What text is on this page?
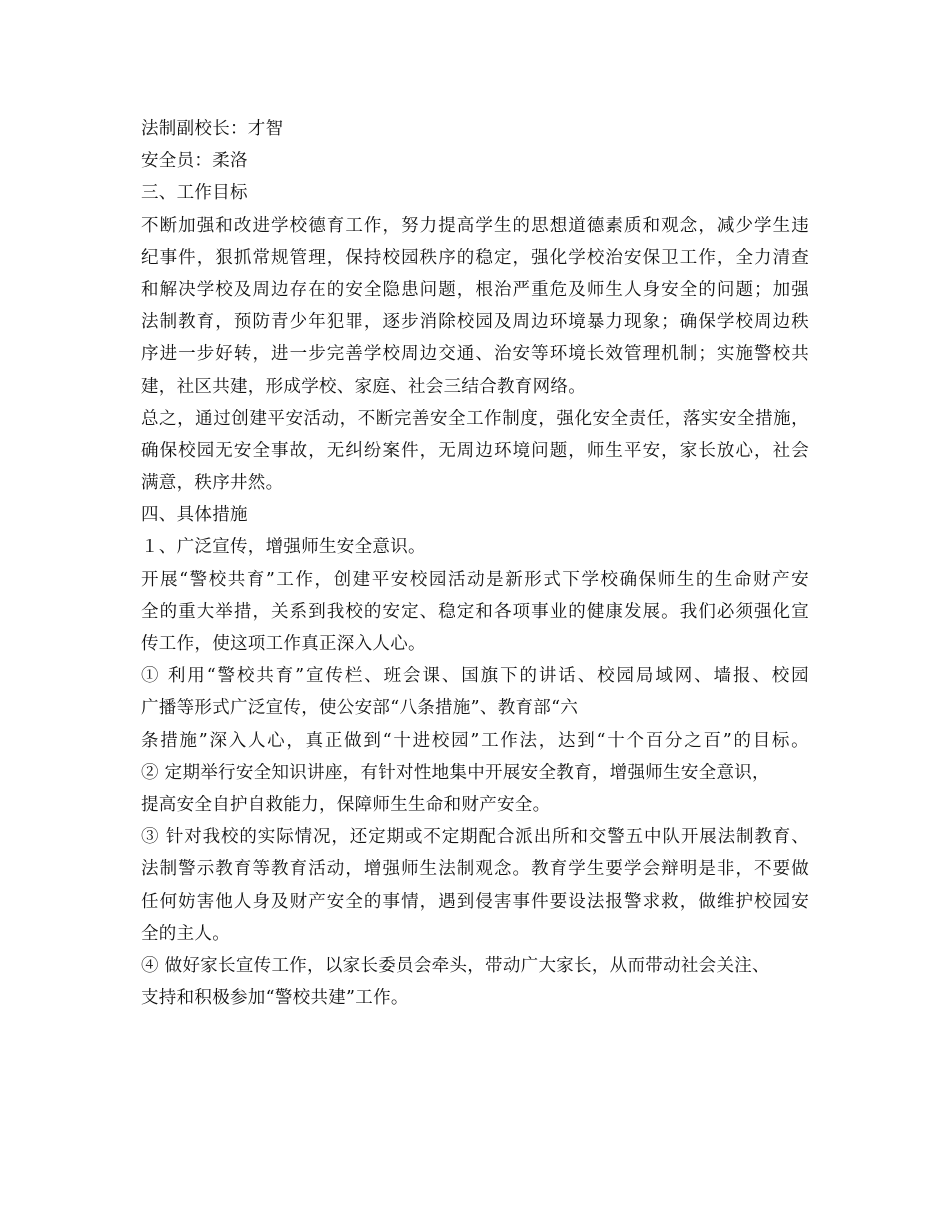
法制副校长：才智
安全员：柔洛
三、工作目标
不断加强和改进学校德育工作，努力提高学生的思想道德素质和观念，减少学生违
纪事件，狠抓常规管理，保持校园秩序的稳定，强化学校治安保卫工作，全力清查
和解决学校及周边存在的安全隐患问题，根治严重危及师生人身安全的问题；加强
法制教育，预防青少年犯罪，逐步消除校园及周边环境暴力现象；确保学校周边秩
序进一步好转，进一步完善学校周边交通、治安等环境长效管理机制；实施警校共
建，社区共建，形成学校、家庭、社会三结合教育网络。
总之，通过创建平安活动，不断完善安全工作制度，强化安全责任，落实安全措施，
确保校园无安全事故，无纠纷案件，无周边环境问题，师生平安，家长放心，社会
满意，秩序井然。
四、具体措施
１、广泛宣传，增强师生安全意识。
开展“警校共育”工作，创建平安校园活动是新形式下学校确保师生的生命财产安
全的重大举措，关系到我校的安定、稳定和各项事业的健康发展。我们必须强化宣
传工作，使这项工作真正深入人心。
① 利用“警校共育”宣传栏、班会课、国旗下的讲话、校园局域网、墙报、校园
广播等形式广泛宣传，使公安部“八条措施”、教育部“六
条措施”深入人心，真正做到“十进校园”工作法，达到“十个百分之百”的目标。
② 定期举行安全知识讲座，有针对性地集中开展安全教育，增强师生安全意识，
提高安全自护自救能力，保障师生生命和财产安全。
③ 针对我校的实际情况，还定期或不定期配合派出所和交警五中队开展法制教育、
法制警示教育等教育活动，增强师生法制观念。教育学生要学会辩明是非，不要做
任何妨害他人身及财产安全的事情，遇到侵害事件要设法报警求救，做维护校园安
全的主人。
④ 做好家长宣传工作，以家长委员会牵头，带动广大家长，从而带动社会关注、
支持和积极参加“警校共建”工作。
